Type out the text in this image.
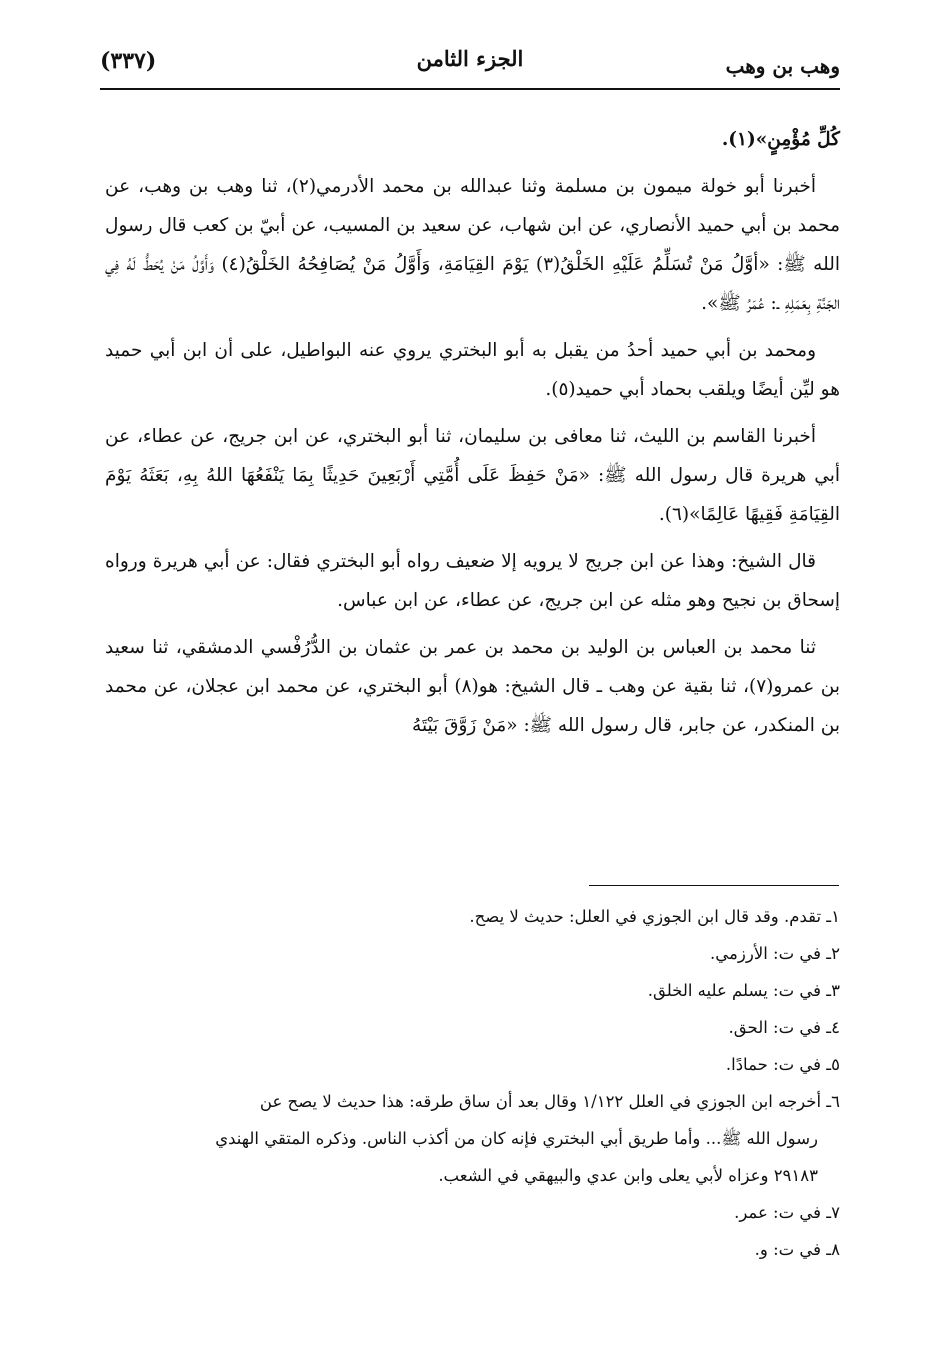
وهب بن وهب
الجزء الثامن
(٣٣٧)

كُلِّ مُؤْمِنٍ»(١).

أخبرنا أبو خولة ميمون بن مسلمة وثنا عبدالله بن محمد الأدرمي(٢)، ثنا وهب بن وهب، عن محمد بن أبي حميد الأنصاري، عن ابن شهاب، عن سعيد بن المسيب، عن أبيّ بن كعب قال رسول الله ﷺ: «أوَّلُ مَنْ تُسَلِّمُ عَلَيْهِ الخَلْقُ(٣) يَوْمَ القِيَامَةِ، وَأَوَّلُ مَنْ يُصَافِحُهُ الخَلْقُ(٤) وَأَوَّلُ مَنْ يُحَطُّ لَهُ فِي الجَنَّةِ بِعَمَلِهِ ـ: عُمَرُ ﷺ».

ومحمد بن أبي حميد أحدُ من يقبل به أبو البختري يروي عنه البواطيل، على أن ابن أبي حميد هو ليِّن أيضًا ويلقب بحماد أبي حميد(٥).

أخبرنا القاسم بن الليث، ثنا معافى بن سليمان، ثنا أبو البختري، عن ابن جريج، عن عطاء، عن أبي هريرة قال رسول الله ﷺ: «مَنْ حَفِظَ عَلَى أُمَّتِي أَرْبَعِينَ حَدِيثًا بِمَا يَنْفَعُهَا اللهُ بِهِ، بَعَثَهُ يَوْمَ القِيَامَةِ فَقِيهًا عَالِمًا»(٦).

قال الشيخ: وهذا عن ابن جريج لا يرويه إلا ضعيف رواه أبو البختري فقال: عن أبي هريرة ورواه إسحاق بن نجيح وهو مثله عن ابن جريج، عن عطاء، عن ابن عباس.

ثنا محمد بن العباس بن الوليد بن محمد بن عمر بن عثمان بن الدُّرُفْسي الدمشقي، ثنا سعيد بن عمرو(٧)، ثنا بقية عن وهب ـ قال الشيخ: هو(٨) أبو البختري، عن محمد ابن عجلان، عن محمد بن المنكدر، عن جابر، قال رسول الله ﷺ: «مَنْ زَوَّقَ بَيْتَهُ

١ـ تقدم. وقد قال ابن الجوزي في العلل: حديث لا يصح.

٢ـ في ت: الأرزمي.

٣ـ في ت: يسلم عليه الخلق.

٤ـ في ت: الحق.

٥ـ في ت: حمادًا.

٦ـ أخرجه ابن الجوزي في العلل ١/١٢٢ وقال بعد أن ساق طرقه: هذا حديث لا يصح عن

رسول الله ﷺ... وأما طريق أبي البختري فإنه كان من أكذب الناس. وذكره المتقي الهندي

٢٩١٨٣ وعزاه لأبي يعلى وابن عدي والبيهقي في الشعب.

٧ـ في ت: عمر.

٨ـ في ت: و.
